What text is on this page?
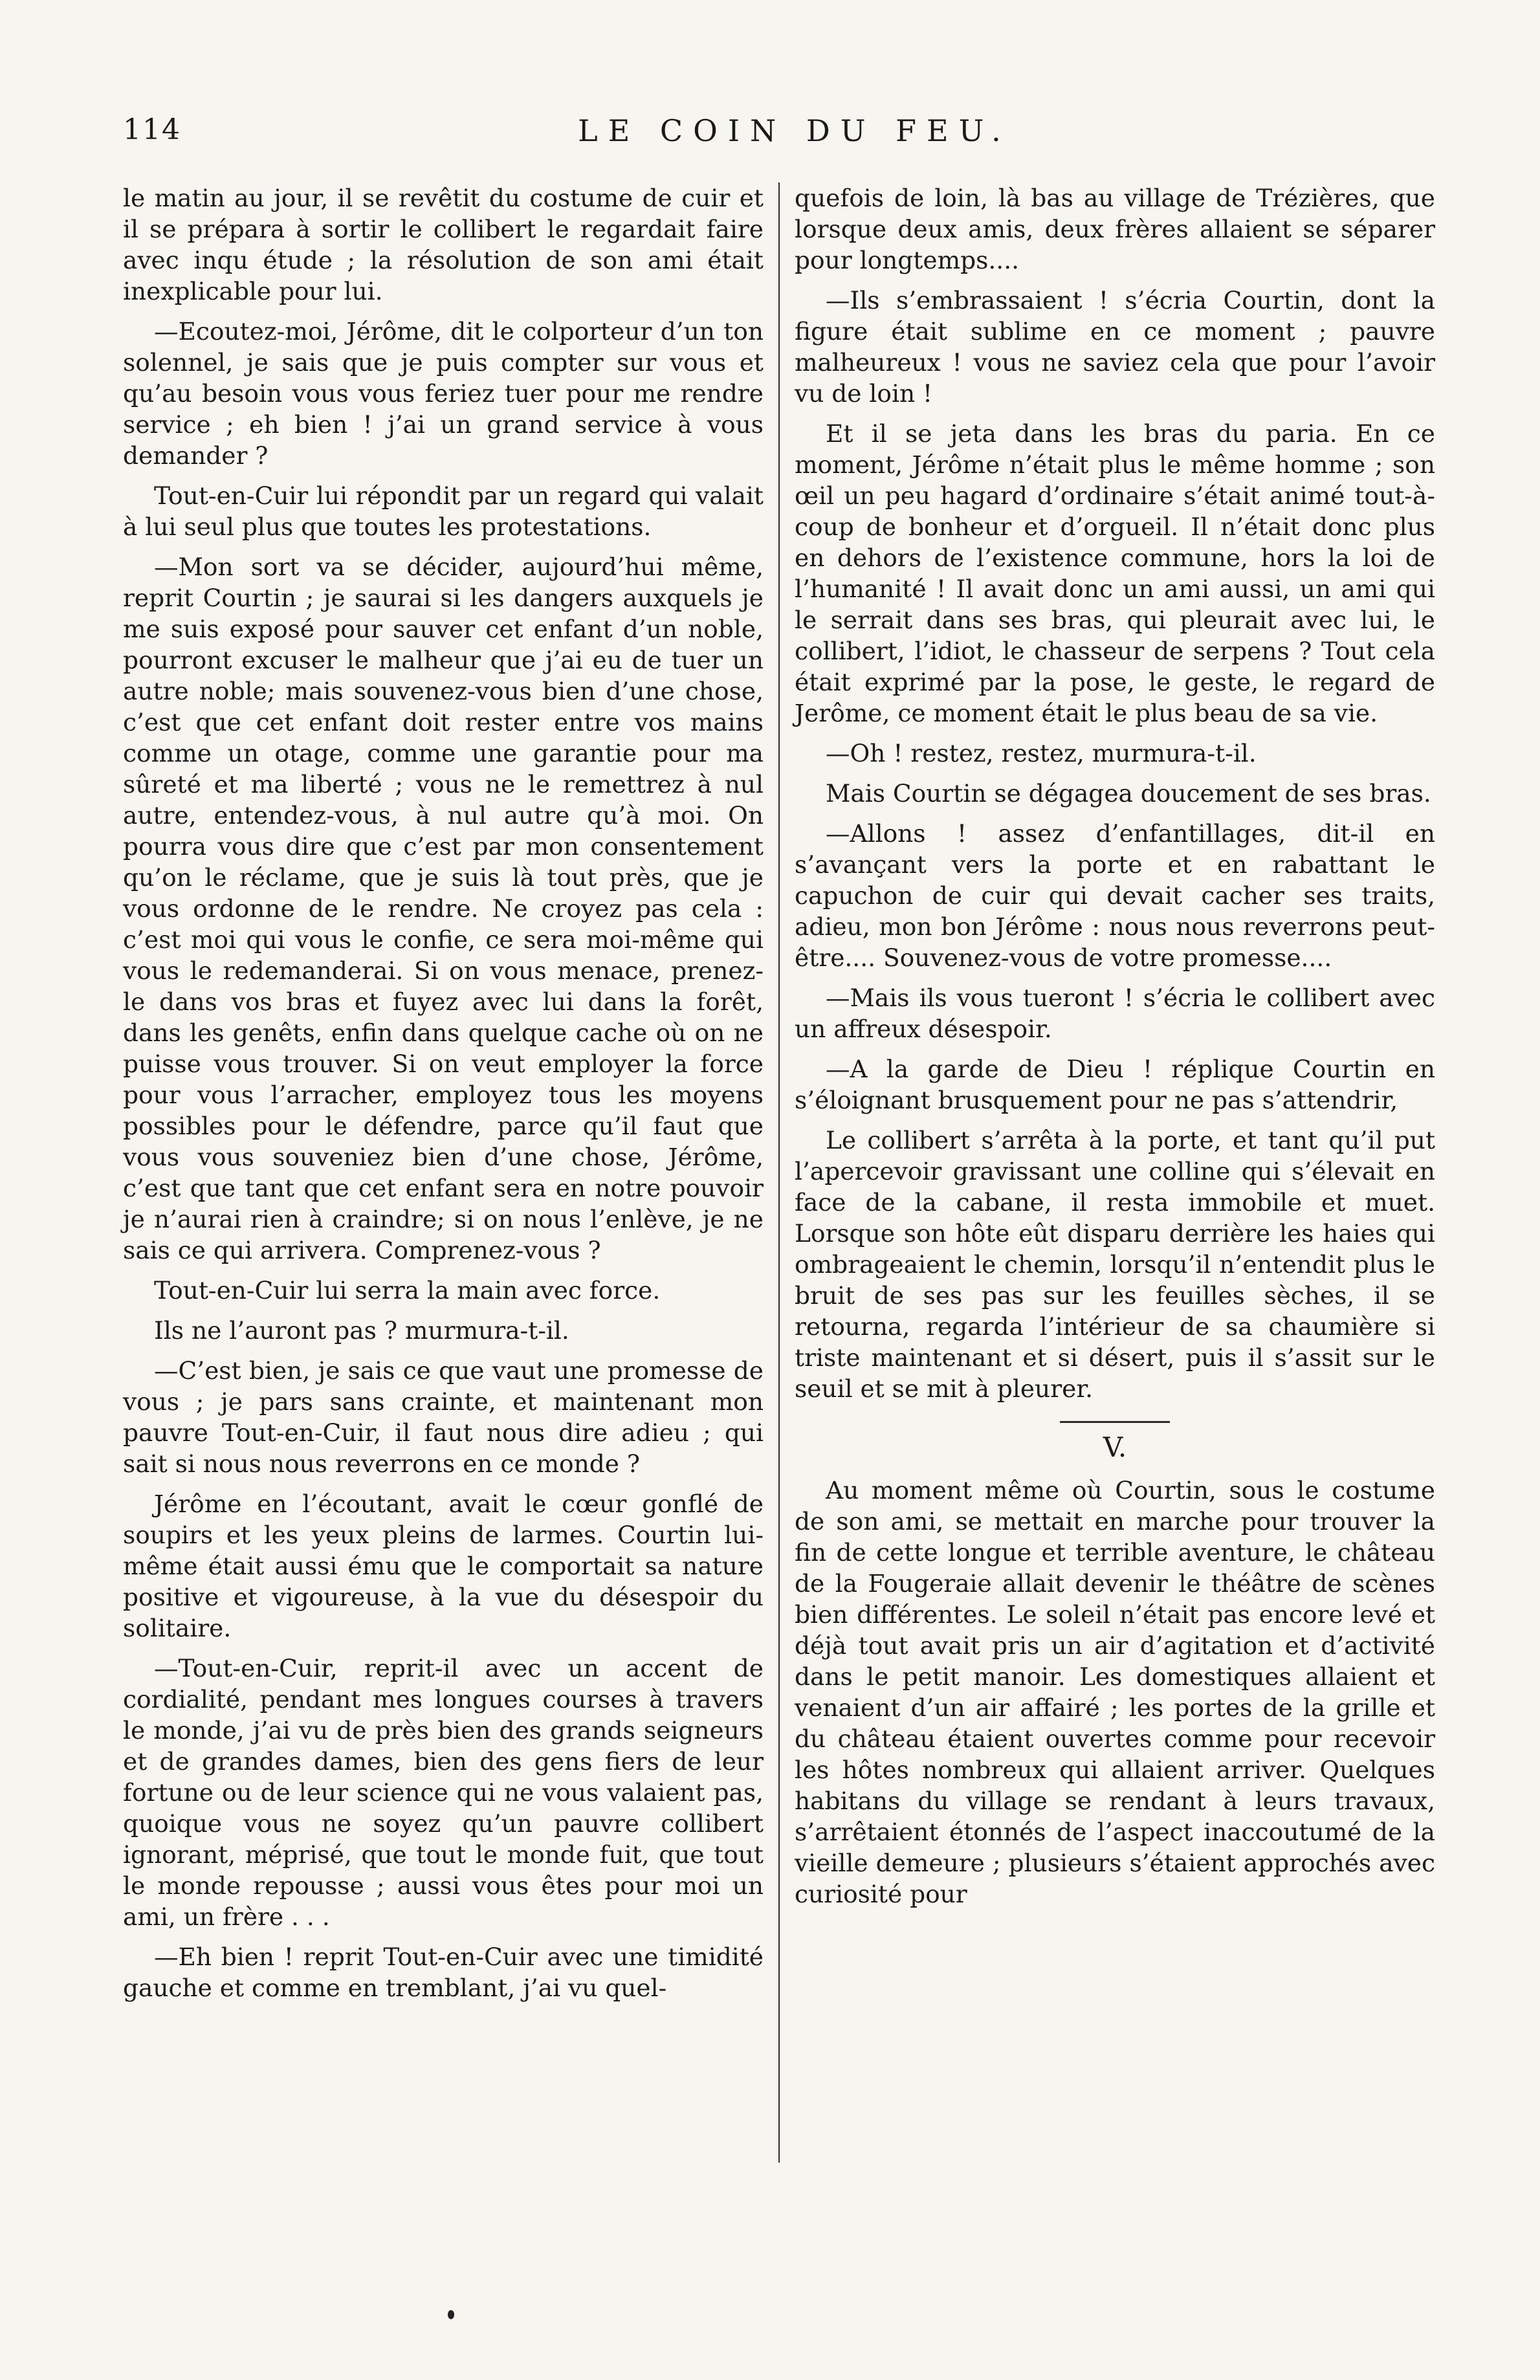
114	LE COIN DU FEU.

le matin au jour, il se revêtit du costume de cuir et il se prépara à sortir le collibert le regardait faire avec inqu étude ; la résolution de son ami était inexplicable pour lui.

—Ecoutez-moi, Jérôme, dit le colporteur d’un ton solennel, je sais que je puis compter sur vous et qu’au besoin vous vous feriez tuer pour me rendre service ; eh bien ! j’ai un grand service à vous demander ?

Tout-en-Cuir lui répondit par un regard qui valait à lui seul plus que toutes les protestations.

—Mon sort va se décider, aujourd’hui même, reprit Courtin ; je saurai si les dangers auxquels je me suis exposé pour sauver cet enfant d’un noble, pourront excuser le malheur que j’ai eu de tuer un autre noble; mais souvenez-vous bien d’une chose, c’est que cet enfant doit rester entre vos mains comme un otage, comme une garantie pour ma sûreté et ma liberté ; vous ne le remettrez à nul autre, entendez-vous, à nul autre qu’à moi. On pourra vous dire que c’est par mon consentement qu’on le réclame, que je suis là tout près, que je vous ordonne de le rendre. Ne croyez pas cela : c’est moi qui vous le confie, ce sera moi-même qui vous le redemanderai. Si on vous menace, prenez-le dans vos bras et fuyez avec lui dans la forêt, dans les genêts, enfin dans quelque cache où on ne puisse vous trouver. Si on veut employer la force pour vous l’arracher, employez tous les moyens possibles pour le défendre, parce qu’il faut que vous vous souveniez bien d’une chose, Jérôme, c’est que tant que cet enfant sera en notre pouvoir je n’aurai rien à craindre; si on nous l’enlève, je ne sais ce qui arrivera. Comprenez-vous ?

Tout-en-Cuir lui serra la main avec force.

Ils ne l’auront pas ? murmura-t-il.

—C’est bien, je sais ce que vaut une promesse de vous ; je pars sans crainte, et maintenant mon pauvre Tout-en-Cuir, il faut nous dire adieu ; qui sait si nous nous reverrons en ce monde ?

Jérôme en l’écoutant, avait le cœur gonflé de soupirs et les yeux pleins de larmes. Courtin lui-même était aussi ému que le comportait sa nature positive et vigoureuse, à la vue du désespoir du solitaire.

—Tout-en-Cuir, reprit-il avec un accent de cordialité, pendant mes longues courses à travers le monde, j’ai vu de près bien des grands seigneurs et de grandes dames, bien des gens fiers de leur fortune ou de leur science qui ne vous valaient pas, quoique vous ne soyez qu’un pauvre collibert ignorant, méprisé, que tout le monde fuit, que tout le monde repousse ; aussi vous êtes pour moi un ami, un frère . . .

—Eh bien ! reprit Tout-en-Cuir avec une timidité gauche et comme en tremblant, j’ai vu quel-

quefois de loin, là bas au village de Trézières, que lorsque deux amis, deux frères allaient se séparer pour longtemps....

—Ils s’embrassaient ! s’écria Courtin, dont la figure était sublime en ce moment ; pauvre malheureux ! vous ne saviez cela que pour l’avoir vu de loin !

Et il se jeta dans les bras du paria. En ce moment, Jérôme n’était plus le même homme ; son œil un peu hagard d’ordinaire s’était animé tout-à-coup de bonheur et d’orgueil. Il n’était donc plus en dehors de l’existence commune, hors la loi de l’humanité ! Il avait donc un ami aussi, un ami qui le serrait dans ses bras, qui pleurait avec lui, le collibert, l’idiot, le chasseur de serpens ? Tout cela était exprimé par la pose, le geste, le regard de Jerôme, ce moment était le plus beau de sa vie.

—Oh ! restez, restez, murmura-t-il.

Mais Courtin se dégagea doucement de ses bras.

—Allons ! assez d’enfantillages, dit-il en s’avançant vers la porte et en rabattant le capuchon de cuir qui devait cacher ses traits, adieu, mon bon Jérôme : nous nous reverrons peut-être.... Souvenez-vous de votre promesse....

—Mais ils vous tueront ! s’écria le collibert avec un affreux désespoir.

—A la garde de Dieu ! réplique Courtin en s’éloignant brusquement pour ne pas s’attendrir,

Le collibert s’arrêta à la porte, et tant qu’il put l’apercevoir gravissant une colline qui s’élevait en face de la cabane, il resta immobile et muet. Lorsque son hôte eût disparu derrière les haies qui ombrageaient le chemin, lorsqu’il n’entendit plus le bruit de ses pas sur les feuilles sèches, il se retourna, regarda l’intérieur de sa chaumière si triste maintenant et si désert, puis il s’assit sur le seuil et se mit à pleurer.

V.

Au moment même où Courtin, sous le costume de son ami, se mettait en marche pour trouver la fin de cette longue et terrible aventure, le château de la Fougeraie allait devenir le théâtre de scènes bien différentes. Le soleil n’était pas encore levé et déjà tout avait pris un air d’agitation et d’activité dans le petit manoir. Les domestiques allaient et venaient d’un air affairé ; les portes de la grille et du château étaient ouvertes comme pour recevoir les hôtes nombreux qui allaient arriver. Quelques habitans du village se rendant à leurs travaux, s’arrêtaient étonnés de l’aspect inaccoutumé de la vieille demeure ; plusieurs s’étaient approchés avec curiosité pour
